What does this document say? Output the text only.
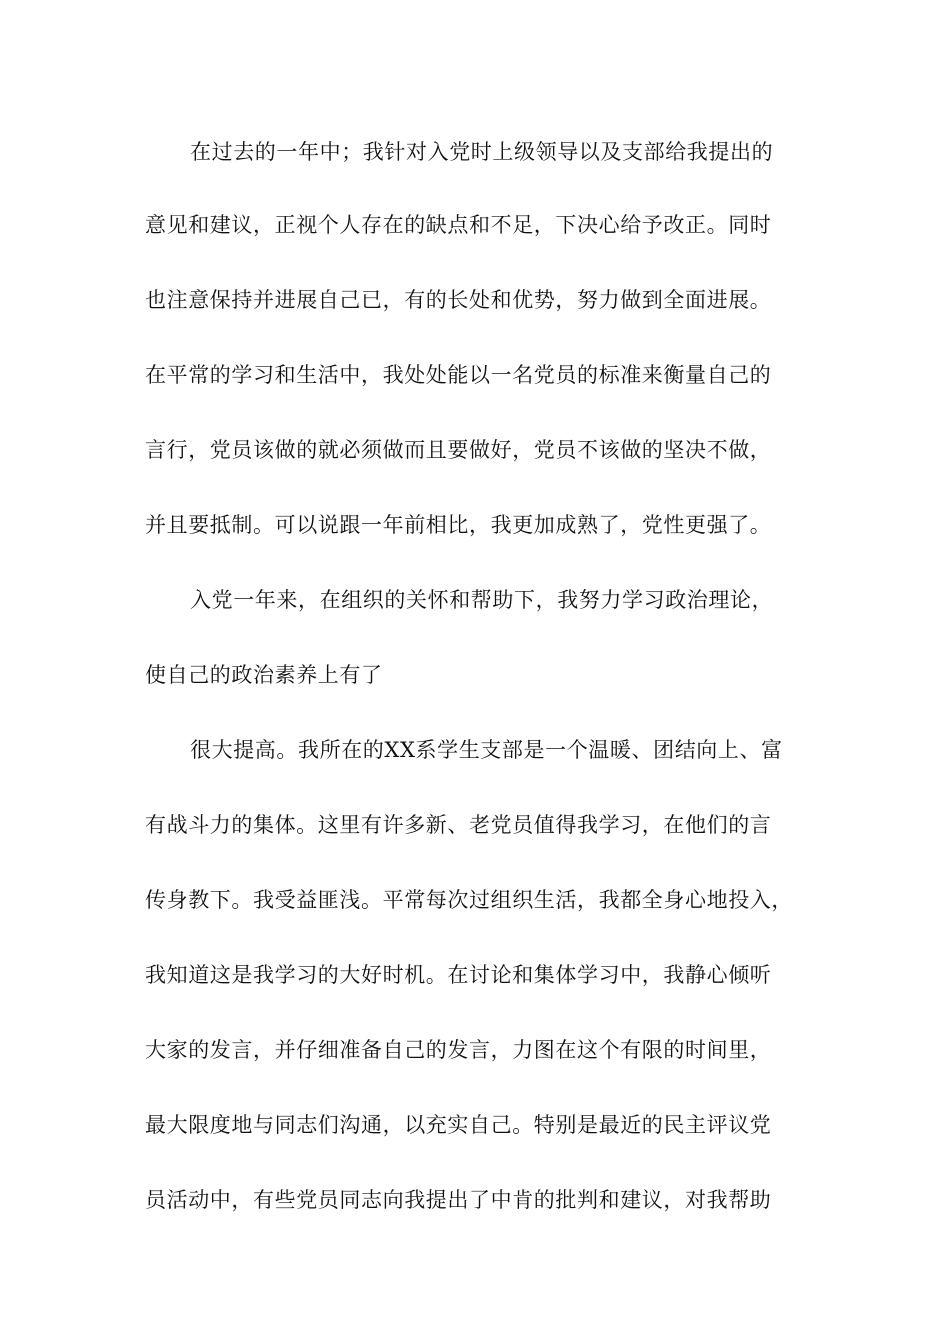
在过去的一年中；我针对入党时上级领导以及支部给我提出的
意见和建议，正视个人存在的缺点和不足，下决心给予改正。同时
也注意保持并进展自己已，有的长处和优势，努力做到全面进展。
在平常的学习和生活中，我处处能以一名党员的标准来衡量自己的
言行，党员该做的就必须做而且要做好，党员不该做的坚决不做，
并且要抵制。可以说跟一年前相比，我更加成熟了，党性更强了。
入党一年来，在组织的关怀和帮助下，我努力学习政治理论，
使自己的政治素养上有了
很大提高。我所在的XX系学生支部是一个温暖、团结向上、富
有战斗力的集体。这里有许多新、老党员值得我学习，在他们的言
传身教下。我受益匪浅。平常每次过组织生活，我都全身心地投入，
我知道这是我学习的大好时机。在讨论和集体学习中，我静心倾听
大家的发言，并仔细准备自己的发言，力图在这个有限的时间里，
最大限度地与同志们沟通，以充实自己。特别是最近的民主评议党
员活动中，有些党员同志向我提出了中肯的批判和建议，对我帮助
